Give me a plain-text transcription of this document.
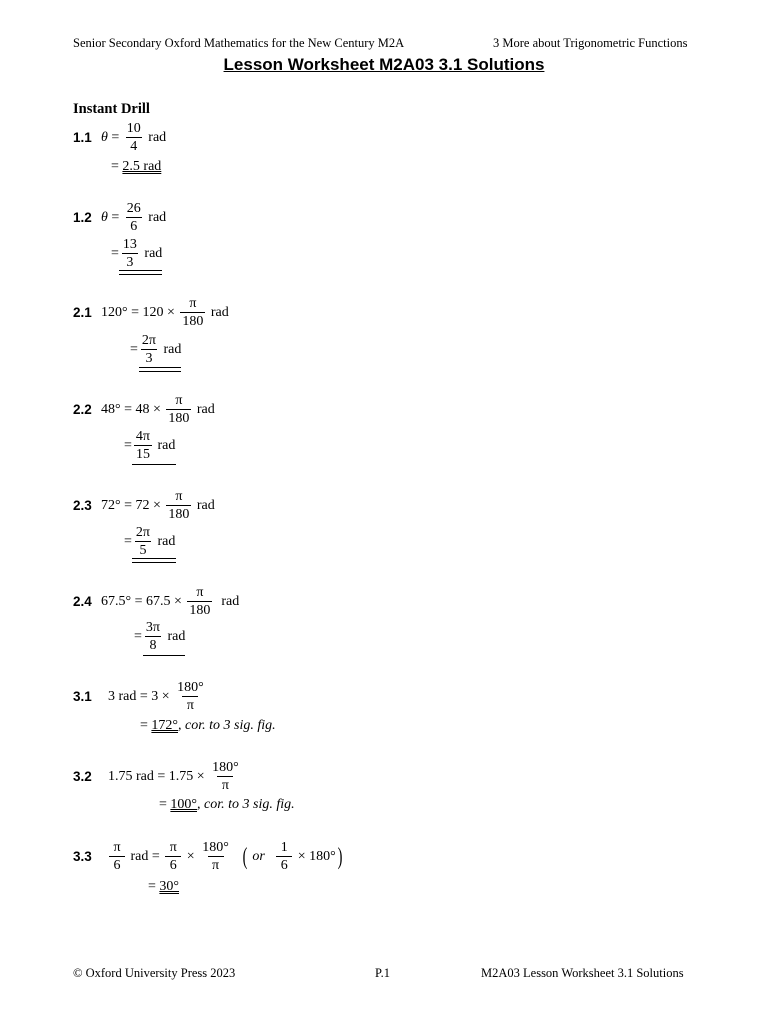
Senior Secondary Oxford Mathematics for the New Century M2A	3 More about Trigonometric Functions
Lesson Worksheet M2A03 3.1 Solutions
Instant Drill
1.1 $\theta = \frac{10}{4}$ rad
= 2.5 rad
1.2 $\theta = \frac{26}{6}$ rad
= $\frac{13}{3}$ rad
2.1 $120^\circ = 120 \times \frac{\pi}{180}$ rad
= $\frac{2\pi}{3}$ rad
2.2 $48^\circ = 48 \times \frac{\pi}{180}$ rad
= $\frac{4\pi}{15}$ rad
2.3 $72^\circ = 72 \times \frac{\pi}{180}$ rad
= $\frac{2\pi}{5}$ rad
2.4 $67.5^\circ = 67.5 \times \frac{\pi}{180}$ rad
= $\frac{3\pi}{8}$ rad
3.1 3 rad = $3 \times \frac{180^\circ}{\pi}$
= 172° , cor. to 3 sig. fig.
3.2 1.75 rad = $1.75 \times \frac{180^\circ}{\pi}$
= 100° , cor. to 3 sig. fig.
$3.3 \frac{\pi}{6}$ rad = $\frac{\pi}{6} \times \frac{180^\circ}{\pi}$ ( or $\frac{1}{6} \times 180^\circ$ )
= 30°
© Oxford University Press 2023	P.1	M2A03 Lesson Worksheet 3.1 Solutions
